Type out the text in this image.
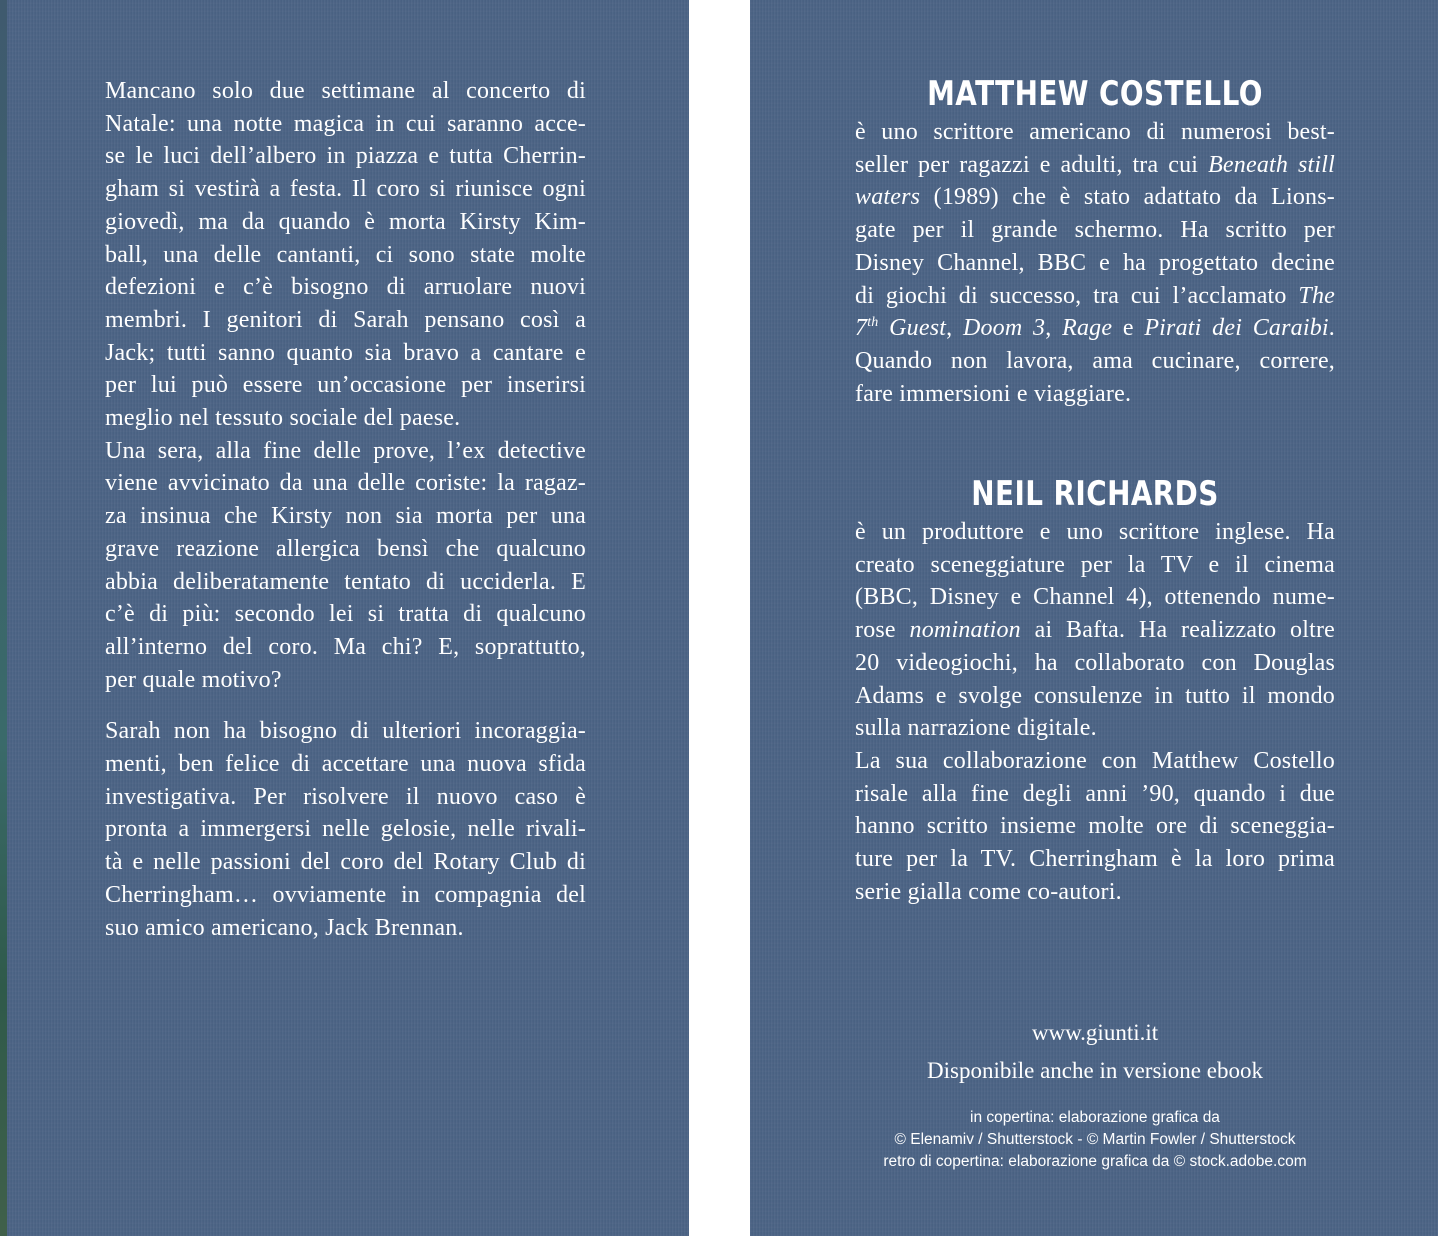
Mancano solo due settimane al concerto di

Natale: una notte magica in cui saranno acce-

se le luci dell’albero in piazza e tutta Cherrin-

gham si vestirà a festa. Il coro si riunisce ogni

giovedì, ma da quando è morta Kirsty Kim-

ball, una delle cantanti, ci sono state molte

defezioni e c’è bisogno di arruolare nuovi

membri. I genitori di Sarah pensano così a

Jack; tutti sanno quanto sia bravo a cantare e

per lui può essere un’occasione per inserirsi

meglio nel tessuto sociale del paese.

Una sera, alla fine delle prove, l’ex detective

viene avvicinato da una delle coriste: la ragaz-

za insinua che Kirsty non sia morta per una

grave reazione allergica bensì che qualcuno

abbia deliberatamente tentato di ucciderla. E

c’è di più: secondo lei si tratta di qualcuno

all’interno del coro. Ma chi? E, soprattutto,

per quale motivo?

Sarah non ha bisogno di ulteriori incoraggia-

menti, ben felice di accettare una nuova sfida

investigativa. Per risolvere il nuovo caso è

pronta a immergersi nelle gelosie, nelle rivali-

tà e nelle passioni del coro del Rotary Club di

Cherringham… ovviamente in compagnia del

suo amico americano, Jack Brennan.

MATTHEW COSTELLO

è uno scrittore americano di numerosi best-

seller per ragazzi e adulti, tra cui Beneath still

waters (1989) che è stato adattato da Lions-

gate per il grande schermo. Ha scritto per

Disney Channel, BBC e ha progettato decine

di giochi di successo, tra cui l’acclamato The

7th Guest, Doom 3, Rage e Pirati dei Caraibi.

Quando non lavora, ama cucinare, correre,

fare immersioni e viaggiare.

NEIL RICHARDS

è un produttore e uno scrittore inglese. Ha

creato sceneggiature per la TV e il cinema

(BBC, Disney e Channel 4), ottenendo nume-

rose nomination ai Bafta. Ha realizzato oltre

20 videogiochi, ha collaborato con Douglas

Adams e svolge consulenze in tutto il mondo

sulla narrazione digitale.

La sua collaborazione con Matthew Costello

risale alla fine degli anni ’90, quando i due

hanno scritto insieme molte ore di sceneggia-

ture per la TV. Cherringham è la loro prima

serie gialla come co-autori.

www.giunti.it
Disponibile anche in versione ebook
in copertina: elaborazione grafica da
© Elenamiv / Shutterstock - © Martin Fowler / Shutterstock
retro di copertina: elaborazione grafica da © stock.adobe.com
